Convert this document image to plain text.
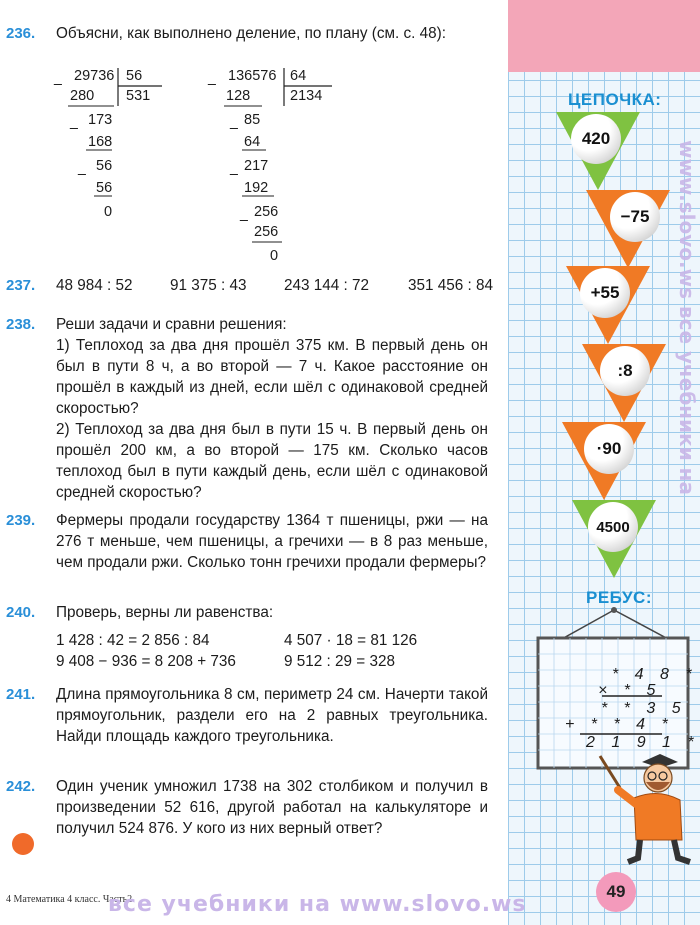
ЦЕПОЧКА:
420
−75
+55
:8
·90
4500
РЕБУС:
* 4 8 *
× * 5
* * 3 5
+ * * 4 *
2 1 9 1 *
www.slovo.ws все учебники на
236. Объясни, как выполнено деление, по плану (см. с. 48):
29736 56
531
280
173
168
56
56
0
_
_
_
136576 64
2134
128
85
64
217
192
256
256
0
_
_
_
_
237. 48 984 : 52 91 375 : 43 243 144 : 72	351 456 : 84
238. Реши задачи и сравни решения:
1) Теплоход за два дня прошёл 375 км. В первый день он был в пути 8 ч, а во второй — 7 ч. Какое расстояние он прошёл в каждый из дней, если шёл с одинаковой средней скоростью?
2) Теплоход за два дня был в пути 15 ч. В первый день он прошёл 200 км, а во второй — 175 км. Сколько часов теплоход был в пути каждый день, если шёл с одинаковой средней скоростью?
239. Фермеры продали государству 1364 т пшеницы, ржи — на 276 т меньше, чем пшеницы, а гречихи — в 8 раз меньше, чем продали ржи. Сколько тонн гречихи продали фермеры?
240. Проверь, верны ли равенства:
1 428 : 42 = 2 856 : 84	4 507 · 18 = 81 126
9 408 − 936 = 8 208 + 736	9 512 : 29 = 328
241. Длина прямоугольника 8 см, периметр 24 см. Начерти такой прямоугольник, раздели его на 2 равных треугольника. Найди площадь каждого треугольника.
242. Один ученик умножил 1738 на 302 столбиком и получил в произведении 52 616, другой работал на калькуляторе и получил 524 876. У кого из них верный ответ?
4 Математика 4 класс. Часть2
все учебники на www.slovo.ws
49
